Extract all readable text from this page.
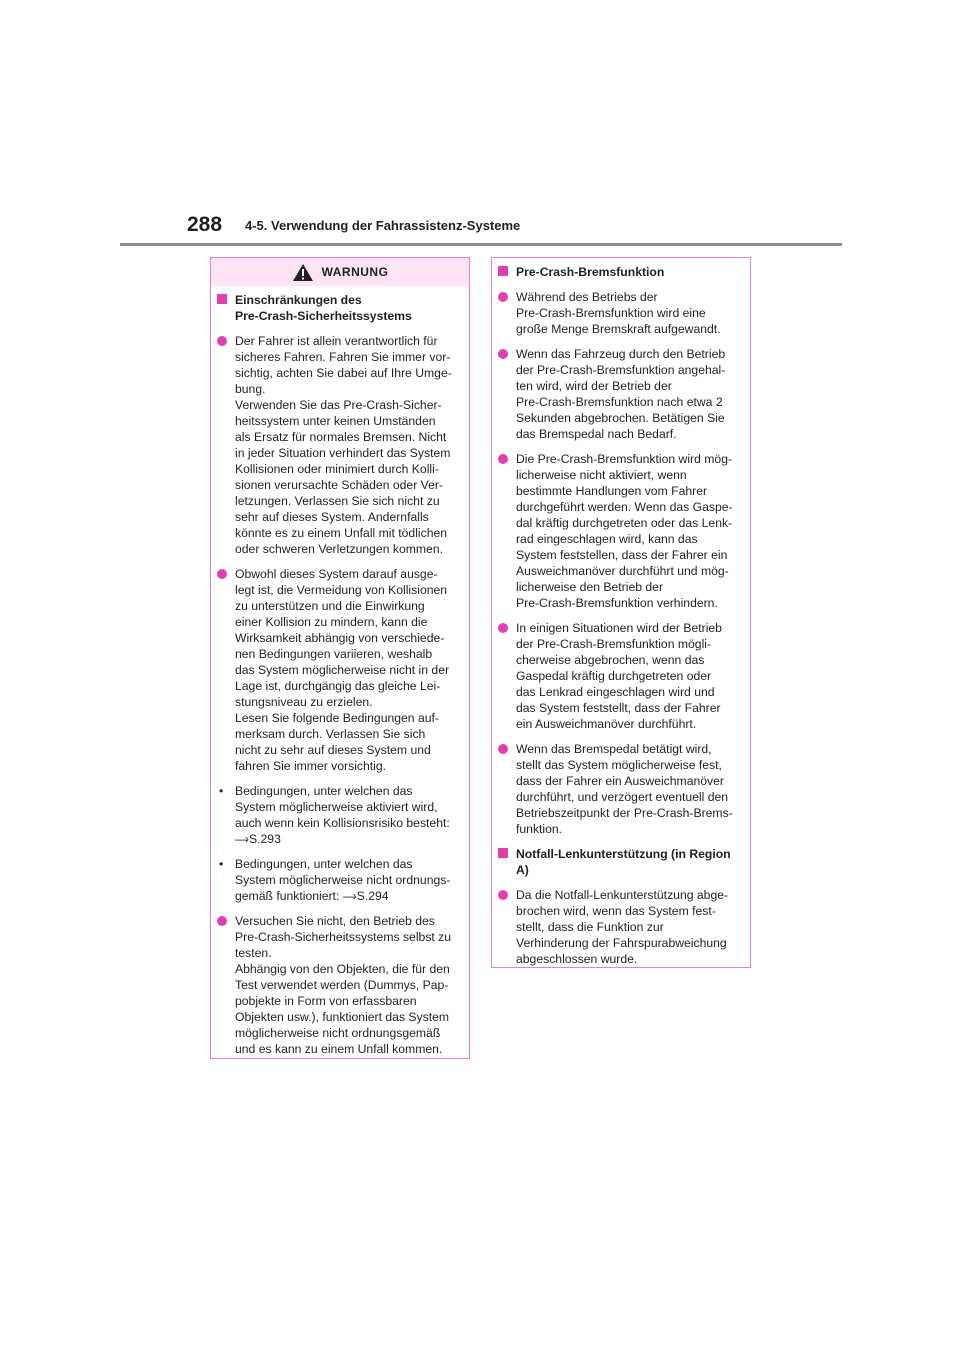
288 4-5. Verwendung der Fahrassistenz-Systeme
WARNUNG
Einschränkungen des
Pre-Crash-Sicherheitssystems
Der Fahrer ist allein verantwortlich für
sicheres Fahren. Fahren Sie immer vor-
sichtig, achten Sie dabei auf Ihre Umge-
bung.
Verwenden Sie das Pre-Crash-Sicher-
heitssystem unter keinen Umständen
als Ersatz für normales Bremsen. Nicht
in jeder Situation verhindert das System
Kollisionen oder minimiert durch Kolli-
sionen verursachte Schäden oder Ver-
letzungen. Verlassen Sie sich nicht zu
sehr auf dieses System. Andernfalls
könnte es zu einem Unfall mit tödlichen
oder schweren Verletzungen kommen.
Obwohl dieses System darauf ausge-
legt ist, die Vermeidung von Kollisionen
zu unterstützen und die Einwirkung
einer Kollision zu mindern, kann die
Wirksamkeit abhängig von verschiede-
nen Bedingungen variieren, weshalb
das System möglicherweise nicht in der
Lage ist, durchgängig das gleiche Lei-
stungsniveau zu erzielen.
Lesen Sie folgende Bedingungen auf-
merksam durch. Verlassen Sie sich
nicht zu sehr auf dieses System und
fahren Sie immer vorsichtig.
• Bedingungen, unter welchen das
System möglicherweise aktiviert wird,
auch wenn kein Kollisionsrisiko besteht:
—› S.293
• Bedingungen, unter welchen das
System möglicherweise nicht ordnungs-
gemäß funktioniert: —› S.294
Versuchen Sie nicht, den Betrieb des
Pre-Crash-Sicherheitssystems selbst zu
testen.
Abhängig von den Objekten, die für den
Test verwendet werden (Dummys, Pap-
pobjekte in Form von erfassbaren
Objekten usw.), funktioniert das System
möglicherweise nicht ordnungsgemäß
und es kann zu einem Unfall kommen.
Pre-Crash-Bremsfunktion
Während des Betriebs der
Pre-Crash-Bremsfunktion wird eine
große Menge Bremskraft aufgewandt.
Wenn das Fahrzeug durch den Betrieb
der Pre-Crash-Bremsfunktion angehal-
ten wird, wird der Betrieb der
Pre-Crash-Bremsfunktion nach etwa 2
Sekunden abgebrochen. Betätigen Sie
das Bremspedal nach Bedarf.
Die Pre-Crash-Bremsfunktion wird mög-
licherweise nicht aktiviert, wenn
bestimmte Handlungen vom Fahrer
durchgeführt werden. Wenn das Gaspe-
dal kräftig durchgetreten oder das Lenk-
rad eingeschlagen wird, kann das
System feststellen, dass der Fahrer ein
Ausweichmanöver durchführt und mög-
licherweise den Betrieb der
Pre-Crash-Bremsfunktion verhindern.
In einigen Situationen wird der Betrieb
der Pre-Crash-Bremsfunktion mögli-
cherweise abgebrochen, wenn das
Gaspedal kräftig durchgetreten oder
das Lenkrad eingeschlagen wird und
das System feststellt, dass der Fahrer
ein Ausweichmanöver durchführt.
Wenn das Bremspedal betätigt wird,
stellt das System möglicherweise fest,
dass der Fahrer ein Ausweichmanöver
durchführt, und verzögert eventuell den
Betriebszeitpunkt der Pre-Crash-Brems-
funktion.
Notfall-Lenkunterstützung (in Region
A)
Da die Notfall-Lenkunterstützung abge-
brochen wird, wenn das System fest-
stellt, dass die Funktion zur
Verhinderung der Fahrspurabweichung
abgeschlossen wurde.
